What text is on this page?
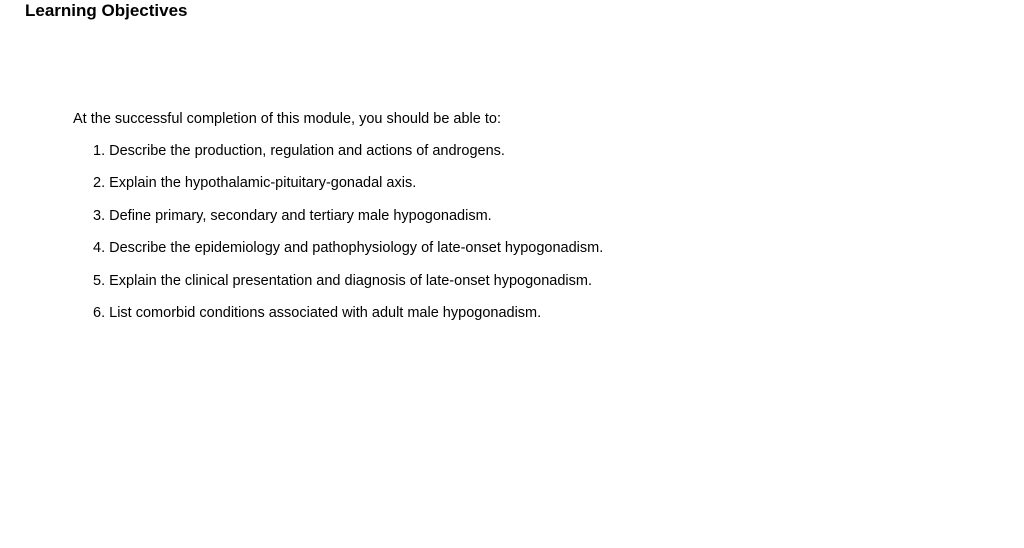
Learning Objectives

At the successful completion of this module, you should be able to:

1 . Describe the production, regulation and actions of androgens.
2 . Explain the hypothalamic-pituitary-gonadal axis.
3 . Define primary, secondary and tertiary male hypogonadism.
4 . Describe the epidemiology and pathophysiology of late-onset hypogonadism.
5 . Explain the clinical presentation and diagnosis of late-onset hypogonadism.
6 . List comorbid conditions associated with adult male hypogonadism.
